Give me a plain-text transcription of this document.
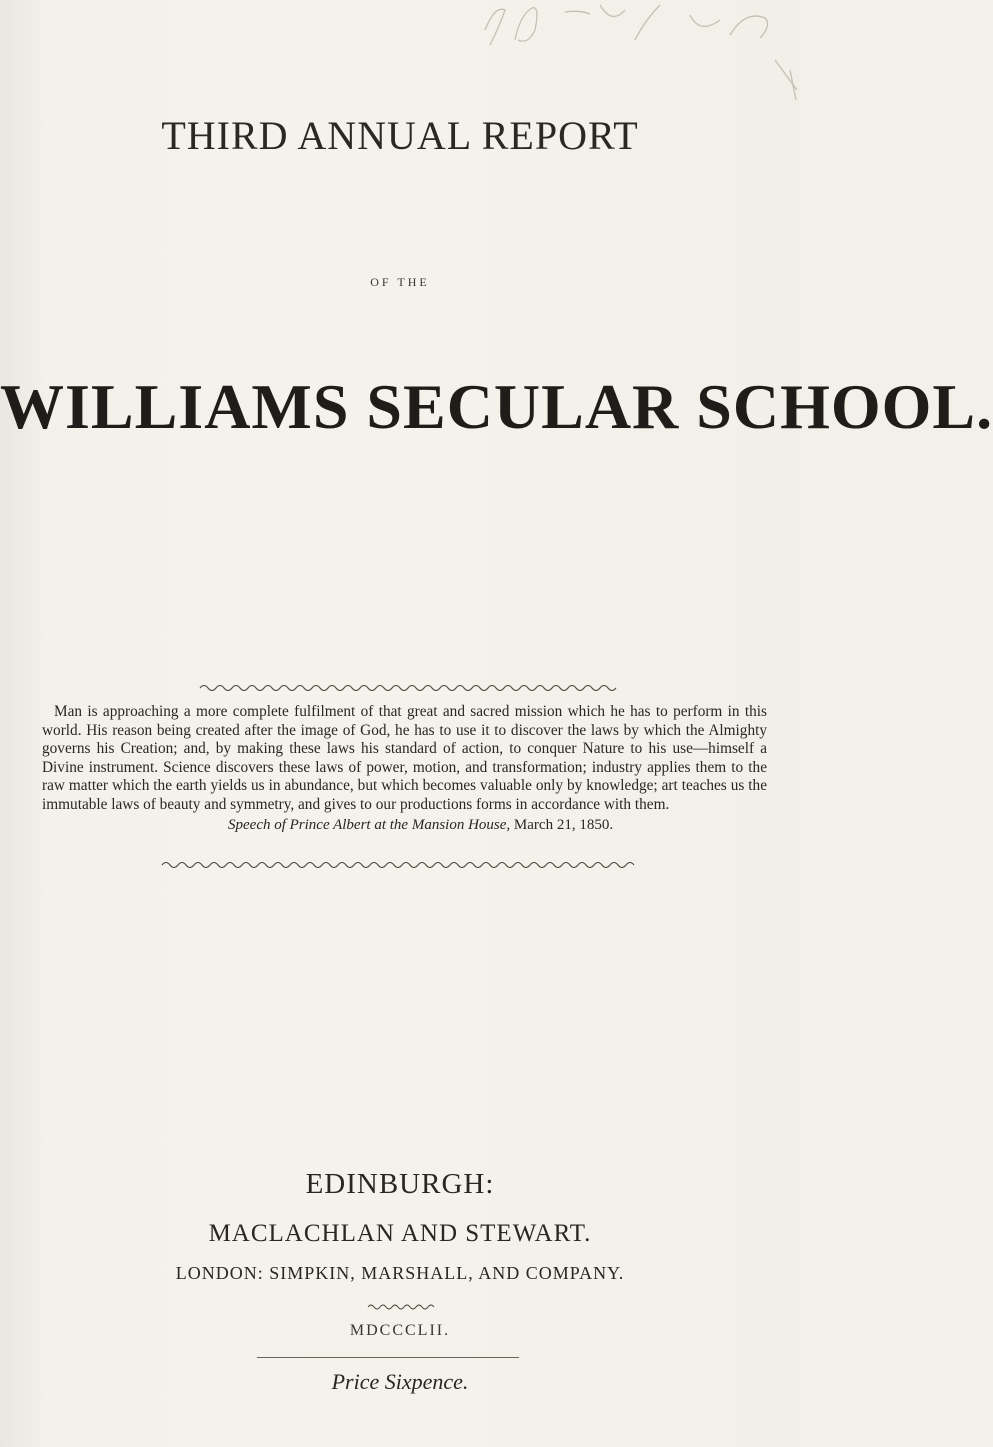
THIRD ANNUAL REPORT
OF THE
WILLIAMS SECULAR SCHOOL.

Man is approaching a more complete fulfilment of that great and sacred mission which he has to perform in this world. His reason being created after the image of God, he has to use it to discover the laws by which the Almighty governs his Creation; and, by making these laws his standard of action, to conquer Nature to his use—himself a Divine instrument. Science discovers these laws of power, motion, and transformation; industry applies them to the raw matter which the earth yields us in abundance, but which becomes valuable only by knowledge; art teaches us the immutable laws of beauty and symmetry, and gives to our productions forms in accordance with them.

Speech of Prince Albert at the Mansion House, March 21, 1850.
EDINBURGH:
MACLACHLAN AND STEWART.
LONDON: SIMPKIN, MARSHALL, AND COMPANY.
MDCCCLII.
Price Sixpence.
